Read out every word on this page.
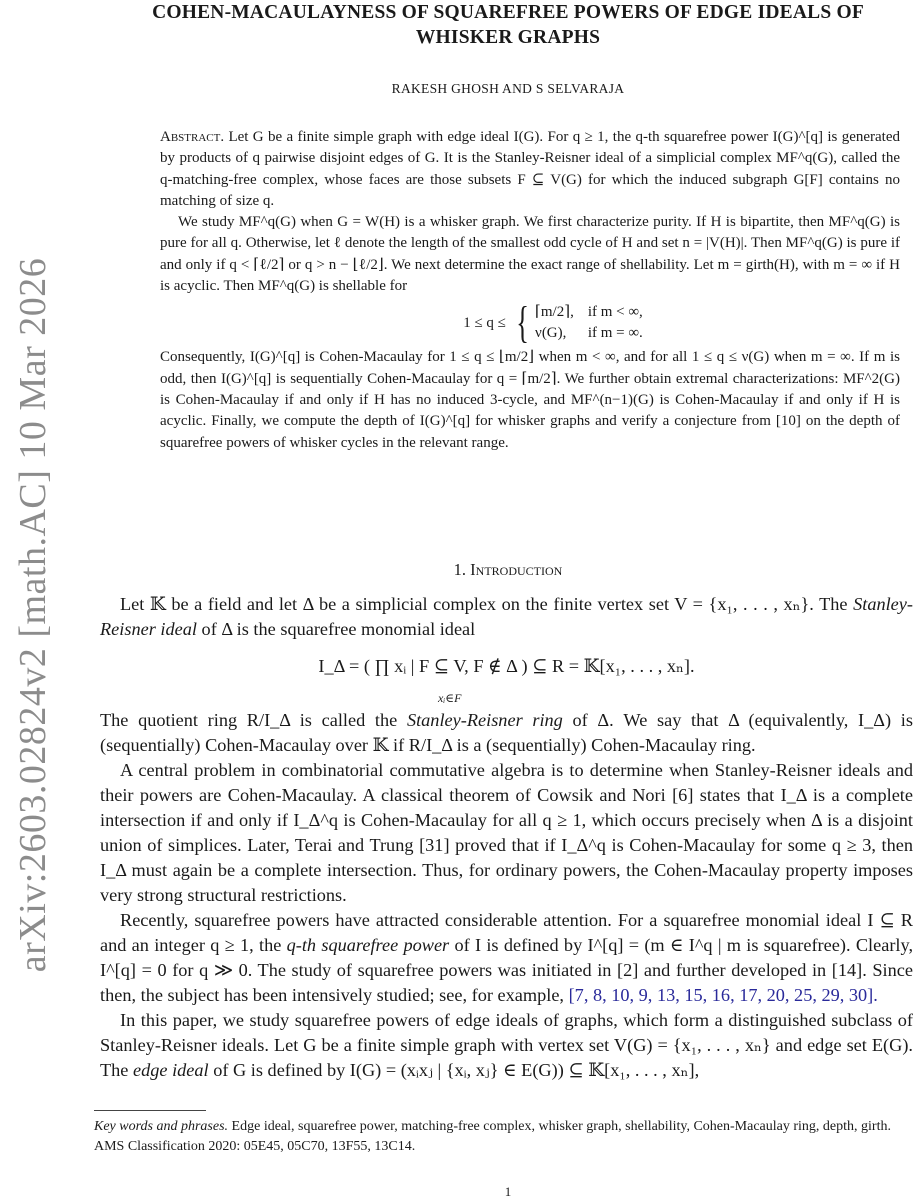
arXiv:2603.02824v2 [math.AC] 10 Mar 2026
COHEN-MACAULAYNESS OF SQUAREFREE POWERS OF EDGE IDEALS OF
WHISKER GRAPHS
RAKESH GHOSH AND S SELVARAJA

Abstract. Let G be a finite simple graph with edge ideal I(G). For q ≥ 1, the q-th squarefree power I(G)^[q] is generated by products of q pairwise disjoint edges of G. It is the Stanley-Reisner ideal of a simplicial complex MF^q(G), called the q-matching-free complex, whose faces are those subsets F ⊆ V(G) for which the induced subgraph G[F] contains no matching of size q.

We study MF^q(G) when G = W(H) is a whisker graph. We first characterize purity. If H is bipartite, then MF^q(G) is pure for all q. Otherwise, let ℓ denote the length of the smallest odd cycle of H and set n = |V(H)|. Then MF^q(G) is pure if and only if q < ⌈ℓ/2⌉ or q > n − ⌊ℓ/2⌋. We next determine the exact range of shellability. Let m = girth(H), with m = ∞ if H is acyclic. Then MF^q(G) is shellable for

1 ≤ q ≤ { ⌈m/2⌉,	if m < ∞,
ν(G),	if m = ∞.

Consequently, I(G)^[q] is Cohen-Macaulay for 1 ≤ q ≤ ⌊m/2⌋ when m < ∞, and for all 1 ≤ q ≤ ν(G) when m = ∞. If m is odd, then I(G)^[q] is sequentially Cohen-Macaulay for q = ⌈m/2⌉. We further obtain extremal characterizations: MF^2(G) is Cohen-Macaulay if and only if H has no induced 3-cycle, and MF^(n−1)(G) is Cohen-Macaulay if and only if H is acyclic. Finally, we compute the depth of I(G)^[q] for whisker graphs and verify a conjecture from [10] on the depth of squarefree powers of whisker cycles in the relevant range.

1. Introduction

Let 𝕂 be a field and let Δ be a simplicial complex on the finite vertex set V = {x₁, . . . , xₙ}. The Stanley-Reisner ideal of Δ is the squarefree monomial ideal

I_Δ = ( ∏ xᵢ | F ⊆ V, F ∉ Δ ) ⊆ R = 𝕂[x₁, . . . , xₙ].
xᵢ∈F

The quotient ring R/I_Δ is called the Stanley-Reisner ring of Δ. We say that Δ (equivalently, I_Δ) is (sequentially) Cohen-Macaulay over 𝕂 if R/I_Δ is a (sequentially) Cohen-Macaulay ring.

A central problem in combinatorial commutative algebra is to determine when Stanley-Reisner ideals and their powers are Cohen-Macaulay. A classical theorem of Cowsik and Nori [6] states that I_Δ is a complete intersection if and only if I_Δ^q is Cohen-Macaulay for all q ≥ 1, which occurs precisely when Δ is a disjoint union of simplices. Later, Terai and Trung [31] proved that if I_Δ^q is Cohen-Macaulay for some q ≥ 3, then I_Δ must again be a complete intersection. Thus, for ordinary powers, the Cohen-Macaulay property imposes very strong structural restrictions.

Recently, squarefree powers have attracted considerable attention. For a squarefree monomial ideal I ⊆ R and an integer q ≥ 1, the q-th squarefree power of I is defined by I^[q] = (m ∈ I^q | m is squarefree). Clearly, I^[q] = 0 for q ≫ 0. The study of squarefree powers was initiated in [2] and further developed in [14]. Since then, the subject has been intensively studied; see, for example, [7, 8, 10, 9, 13, 15, 16, 17, 20, 25, 29, 30].

In this paper, we study squarefree powers of edge ideals of graphs, which form a distinguished subclass of Stanley-Reisner ideals. Let G be a finite simple graph with vertex set V(G) = {x₁, . . . , xₙ} and edge set E(G). The edge ideal of G is defined by I(G) = (xᵢxⱼ | {xᵢ, xⱼ} ∈ E(G)) ⊆ 𝕂[x₁, . . . , xₙ],

Key words and phrases. Edge ideal, squarefree power, matching-free complex, whisker graph, shellability, Cohen-Macaulay ring, depth, girth.

AMS Classification 2020: 05E45, 05C70, 13F55, 13C14.

1
